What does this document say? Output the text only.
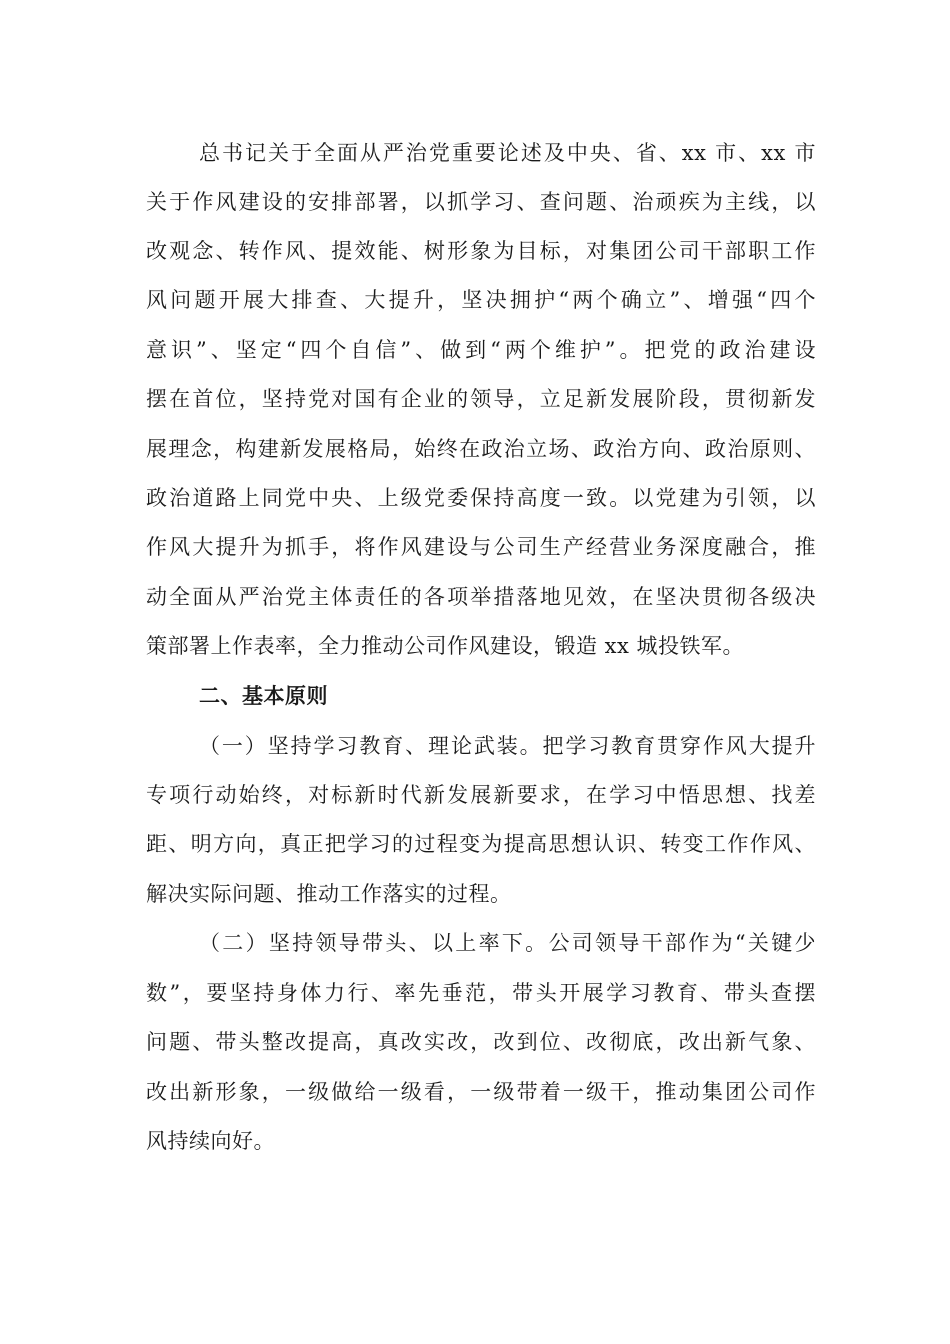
总书记关于全面从严治党重要论述及中央、省、xx 市、xx 市
关于作风建设的安排部署，以抓学习、查问题、治顽疾为主线，以
改观念、转作风、提效能、树形象为目标，对集团公司干部职工作
风问题开展大排查、大提升，坚决拥护“两个确立”、增强“四个
意识”、坚定“四个自信”、做到“两个维护”。把党的政治建设
摆在首位，坚持党对国有企业的领导，立足新发展阶段，贯彻新发
展理念，构建新发展格局，始终在政治立场、政治方向、政治原则、
政治道路上同党中央、上级党委保持高度一致。以党建为引领，以
作风大提升为抓手，将作风建设与公司生产经营业务深度融合，推
动全面从严治党主体责任的各项举措落地见效，在坚决贯彻各级决
策部署上作表率，全力推动公司作风建设，锻造 xx 城投铁军。
二、基本原则
（一）坚持学习教育、理论武装。把学习教育贯穿作风大提升
专项行动始终，对标新时代新发展新要求，在学习中悟思想、找差
距、明方向，真正把学习的过程变为提高思想认识、转变工作作风、
解决实际问题、推动工作落实的过程。
（二）坚持领导带头、以上率下。公司领导干部作为“关键少
数”，要坚持身体力行、率先垂范，带头开展学习教育、带头查摆
问题、带头整改提高，真改实改，改到位、改彻底，改出新气象、
改出新形象，一级做给一级看，一级带着一级干，推动集团公司作
风持续向好。
